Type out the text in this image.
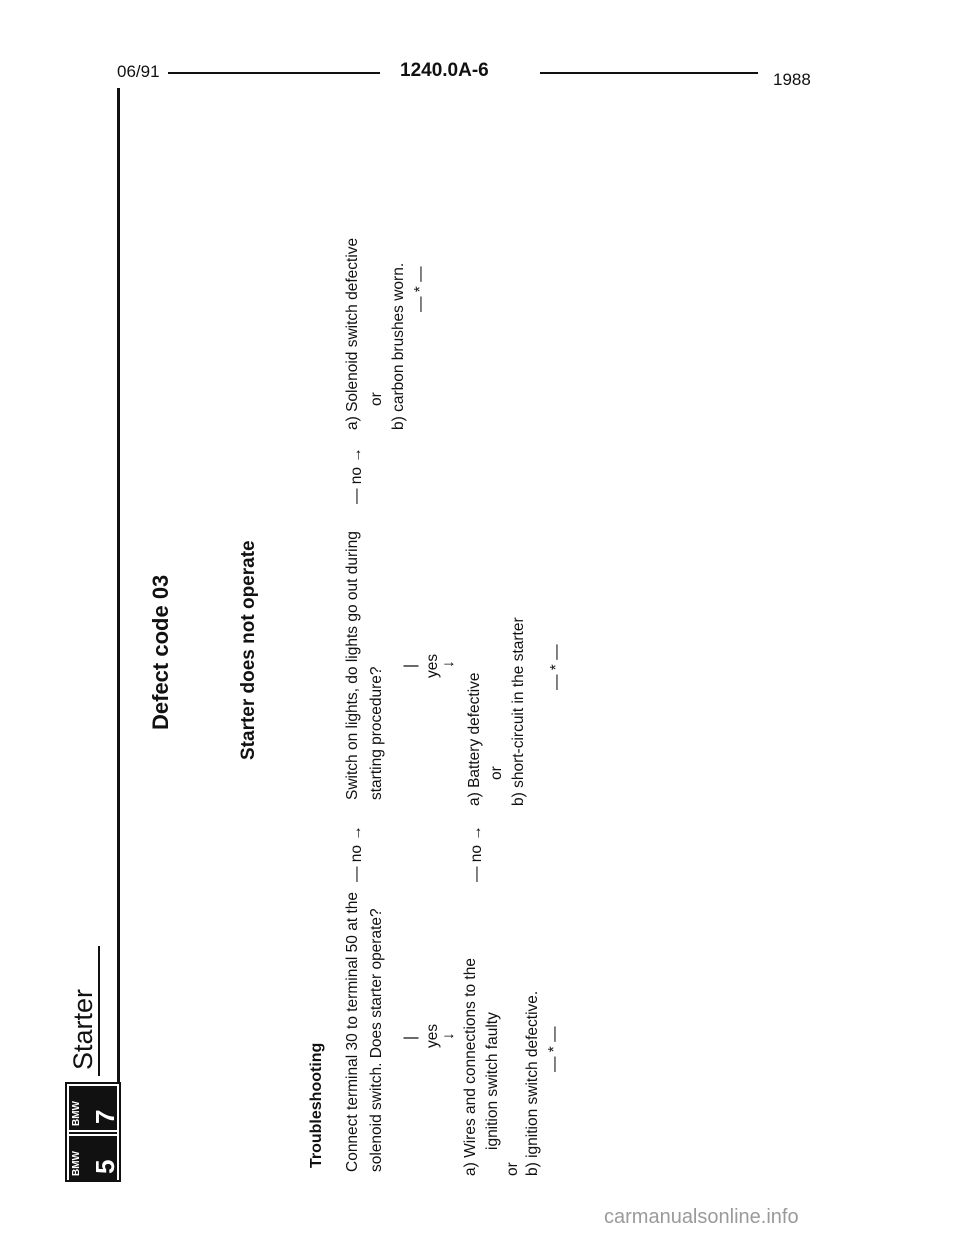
06/91	1240.0A-6	1988
BMW 7
BMW 5
Starter
Defect code 03	Starter does not operate
Troubleshooting Connect terminal 30 to terminal 50 at the solenoid switch. Does starter operate?
— no →
| yes ↓ a) Wires and connections to the ignition switch faulty
or b) ignition switch defective. — * —
Switch on lights, do lights go out during starting procedure?
— no →
| yes ↓
a) Solenoid switch defective or b) carbon brushes worn. — * —
— no →
a) Battery defective or b) short-circuit in the starter	— * —
carmanualsonline.info
